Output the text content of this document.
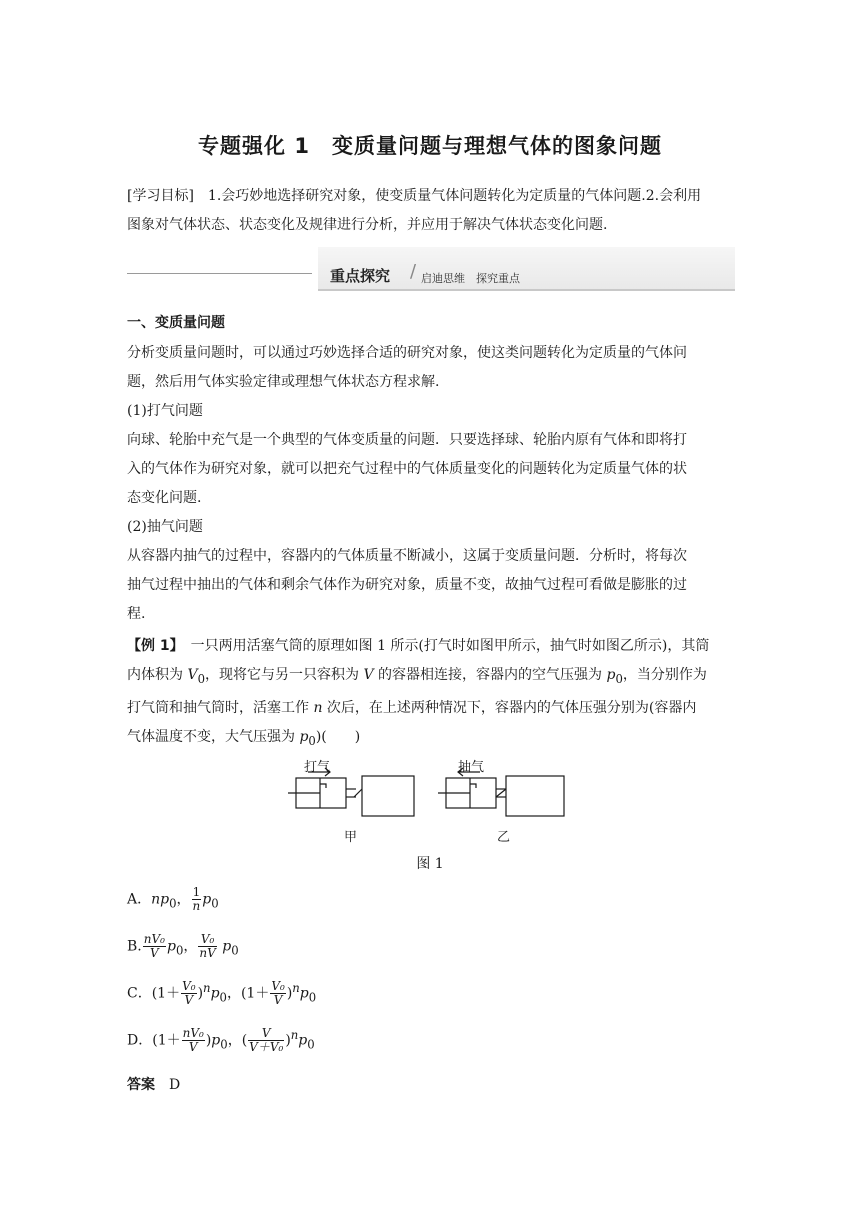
专题强化 1　变质量问题与理想气体的图象问题
[学习目标]　1.会巧妙地选择研究对象，使变质量气体问题转化为定质量的气体问题.2.会利用
图象对气体状态、状态变化及规律进行分析，并应用于解决气体状态变化问题.
重点探究 / 启迪思维　探究重点
一、变质量问题
分析变质量问题时，可以通过巧妙选择合适的研究对象，使这类问题转化为定质量的气体问
题，然后用气体实验定律或理想气体状态方程求解.
(1)打气问题
向球、轮胎中充气是一个典型的气体变质量的问题．只要选择球、轮胎内原有气体和即将打
入的气体作为研究对象，就可以把充气过程中的气体质量变化的问题转化为定质量气体的状
态变化问题.
(2)抽气问题
从容器内抽气的过程中，容器内的气体质量不断减小，这属于变质量问题．分析时，将每次
抽气过程中抽出的气体和剩余气体作为研究对象，质量不变，故抽气过程可看做是膨胀的过
程.
【例 1】　一只两用活塞气筒的原理如图 1 所示(打气时如图甲所示，抽气时如图乙所示)，其筒
内体积为 $V_0$，现将它与另一只容积为 V 的容器相连接，容器内的空气压强为 $p_0$，当分别作为
打气筒和抽气筒时，活塞工作 n 次后，在上述两种情况下，容器内的气体压强分别为(容器内
气体温度不变，大气压强为 $p_0$)(　　)
打气	抽气
甲	乙
图 1
A．$np_0$， $\frac{1}{n} p_0$
B. $\frac{\text{nV₀}}{V} p_0$， $\frac{\text{V₀}}{nV} p_0$
C．$(1+ \frac{\text{V₀}}{V} )^np_0$，$(1+ \frac{\text{V₀}}{V} )^np_0$
D．$(1+ \frac{\text{nV₀}}{V} )p_0$，( $\frac{V}{\text{V＋V₀}} )^np_0$
答案 D
